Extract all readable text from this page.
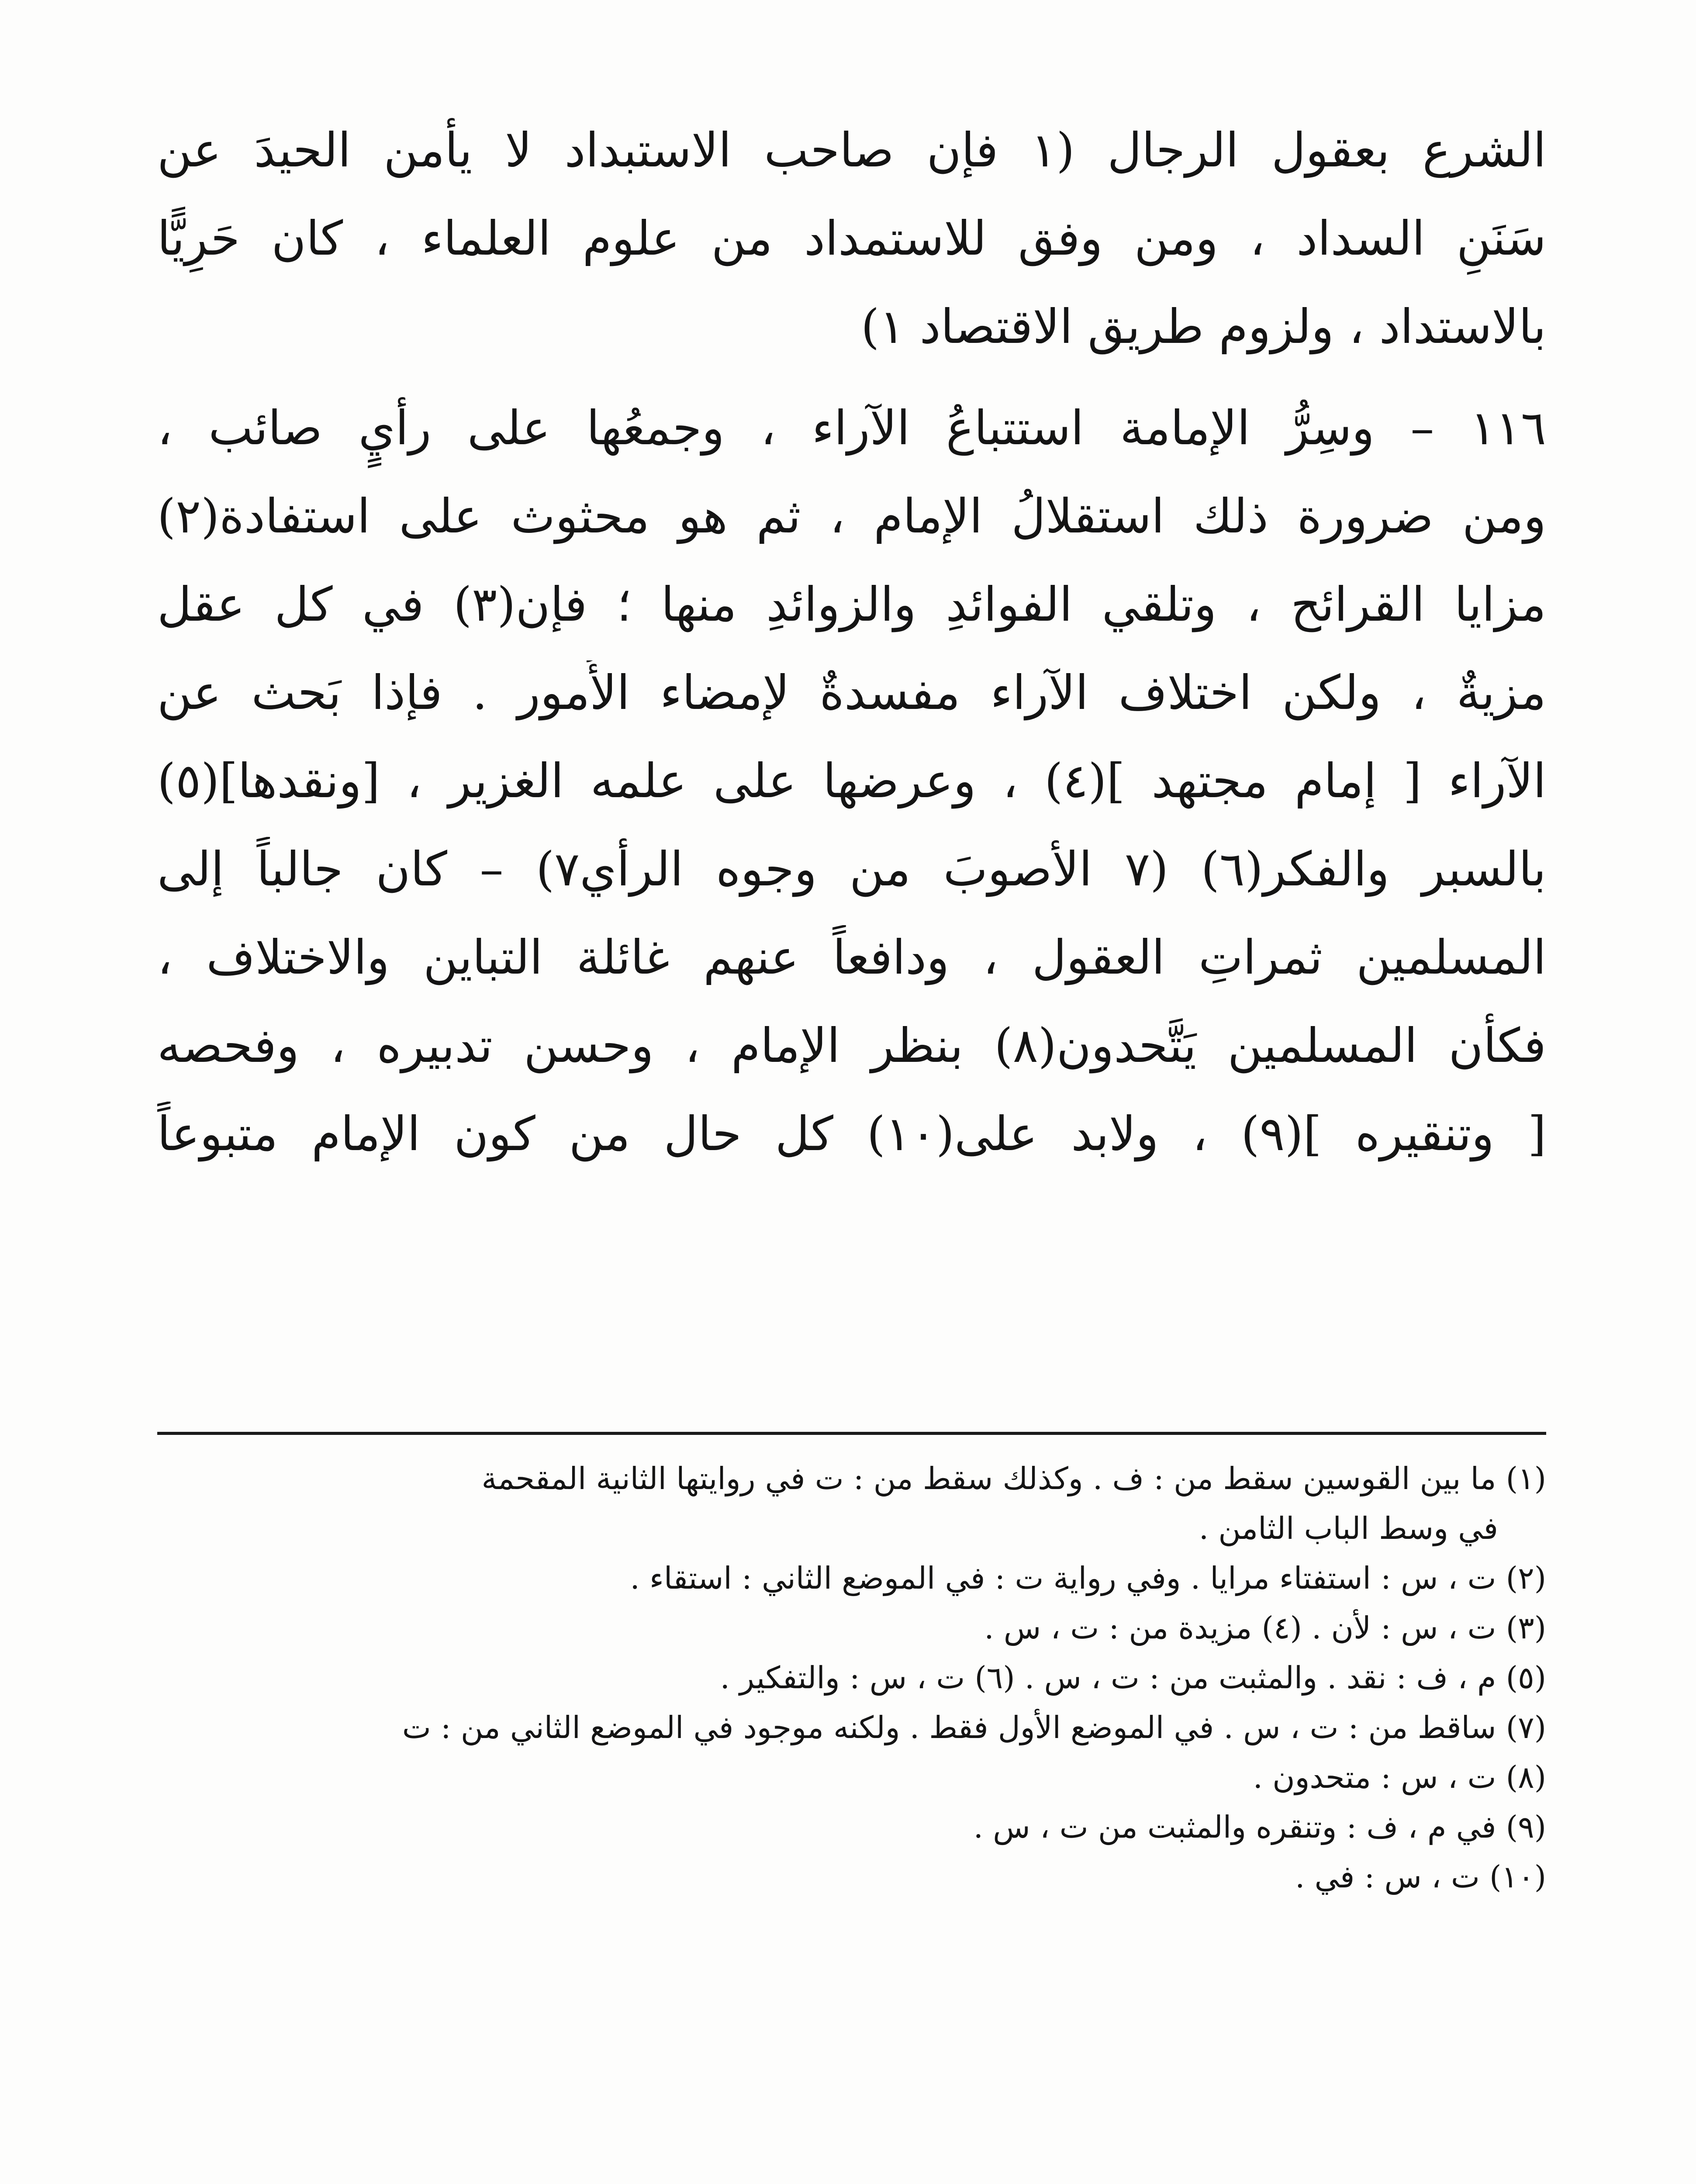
الشرع بعقول الرجال (١ فإن صاحب الاستبداد لا يأمن الحيدَ عن
سَنَنِ السداد ، ومن وفق للاستمداد من علوم العلماء ، كان حَرِيًّا
بالاستداد ، ولزوم طريق الاقتصاد ١)
١١٦ – وسِرُّ الإمامة استتباعُ الآراء ، وجمعُها على رأيٍ صائب ،
ومن ضرورة ذلك استقلالُ الإمام ، ثم هو محثوث على استفادة(٢)
مزايا القرائح ، وتلقي الفوائدِ والزوائدِ منها ؛ فإن(٣) في كل عقل
مزيةٌ ، ولكن اختلاف الآراء مفسدةٌ لإمضاء الأُمور . فإذا بَحث عن
الآراء [ إمام مجتهد ](٤) ، وعرضها على علمه الغزير ، [ونقدها](٥)
بالسبر والفكر(٦) (٧ الأصوبَ من وجوه الرأي٧) – كان جالباً إلى
المسلمين ثمراتِ العقول ، ودافعاً عنهم غائلة التباين والاختلاف ،
فكأن المسلمين يَتَّحدون(٨) بنظر الإمام ، وحسن تدبيره ، وفحصه
[ وتنقيره ](٩) ، ولابد على(١٠) كل حال من كون الإمام متبوعاً
(١) ما بين القوسين سقط من : ف . وكذلك سقط من : ت في روايتها الثانية المقحمة
في وسط الباب الثامن .
(٢) ت ، س : استفتاء مرايا . وفي رواية ت : في الموضع الثاني : استقاء .
(٣) ت ، س : لأن . (٤) مزيدة من : ت ، س .
(٥) م ، ف : نقد . والمثبت من : ت ، س . (٦) ت ، س : والتفكير .
(٧) ساقط من : ت ، س . في الموضع الأول فقط . ولكنه موجود في الموضع الثاني من : ت
(٨) ت ، س : متحدون .
(٩) في م ، ف : وتنقره والمثبت من ت ، س .
(١٠) ت ، س : في .
